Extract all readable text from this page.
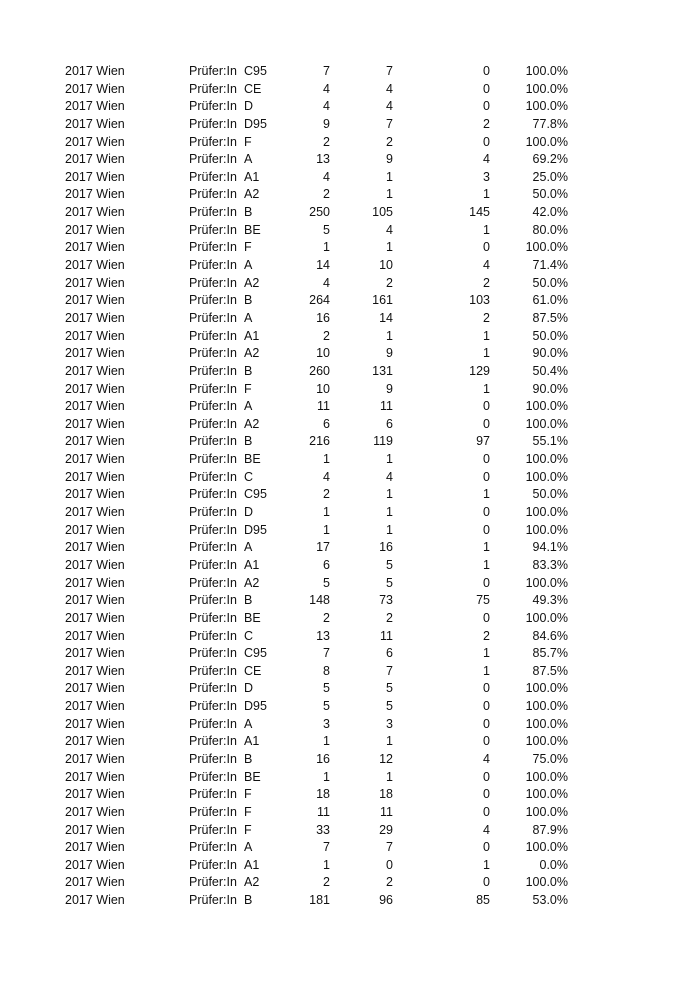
2017 Wien	Prüfer:In C95	7	7	0	100.0%
2017 Wien	Prüfer:In CE	4	4	0	100.0%
2017 Wien	Prüfer:In D	4	4	0	100.0%
2017 Wien	Prüfer:In D95	9	7	2	77.8%
2017 Wien	Prüfer:In F	2	2	0	100.0%
2017 Wien	Prüfer:In A	13	9	4	69.2%
2017 Wien	Prüfer:In A1	4	1	3	25.0%
2017 Wien	Prüfer:In A2	2	1	1	50.0%
2017 Wien	Prüfer:In B	250	105	145	42.0%
2017 Wien	Prüfer:In BE	5	4	1	80.0%
2017 Wien	Prüfer:In F	1	1	0	100.0%
2017 Wien	Prüfer:In A	14	10	4	71.4%
2017 Wien	Prüfer:In A2	4	2	2	50.0%
2017 Wien	Prüfer:In B	264	161	103	61.0%
2017 Wien	Prüfer:In A	16	14	2	87.5%
2017 Wien	Prüfer:In A1	2	1	1	50.0%
2017 Wien	Prüfer:In A2	10	9	1	90.0%
2017 Wien	Prüfer:In B	260	131	129	50.4%
2017 Wien	Prüfer:In F	10	9	1	90.0%
2017 Wien	Prüfer:In A	11	11	0	100.0%
2017 Wien	Prüfer:In A2	6	6	0	100.0%
2017 Wien	Prüfer:In B	216	119	97	55.1%
2017 Wien	Prüfer:In BE	1	1	0	100.0%
2017 Wien	Prüfer:In C	4	4	0	100.0%
2017 Wien	Prüfer:In C95	2	1	1	50.0%
2017 Wien	Prüfer:In D	1	1	0	100.0%
2017 Wien	Prüfer:In D95	1	1	0	100.0%
2017 Wien	Prüfer:In A	17	16	1	94.1%
2017 Wien	Prüfer:In A1	6	5	1	83.3%
2017 Wien	Prüfer:In A2	5	5	0	100.0%
2017 Wien	Prüfer:In B	148	73	75	49.3%
2017 Wien	Prüfer:In BE	2	2	0	100.0%
2017 Wien	Prüfer:In C	13	11	2	84.6%
2017 Wien	Prüfer:In C95	7	6	1	85.7%
2017 Wien	Prüfer:In CE	8	7	1	87.5%
2017 Wien	Prüfer:In D	5	5	0	100.0%
2017 Wien	Prüfer:In D95	5	5	0	100.0%
2017 Wien	Prüfer:In A	3	3	0	100.0%
2017 Wien	Prüfer:In A1	1	1	0	100.0%
2017 Wien	Prüfer:In B	16	12	4	75.0%
2017 Wien	Prüfer:In BE	1	1	0	100.0%
2017 Wien	Prüfer:In F	18	18	0	100.0%
2017 Wien	Prüfer:In F	11	11	0	100.0%
2017 Wien	Prüfer:In F	33	29	4	87.9%
2017 Wien	Prüfer:In A	7	7	0	100.0%
2017 Wien	Prüfer:In A1	1	0	1	0.0%
2017 Wien	Prüfer:In A2	2	2	0	100.0%
2017 Wien	Prüfer:In B	181	96	85	53.0%
